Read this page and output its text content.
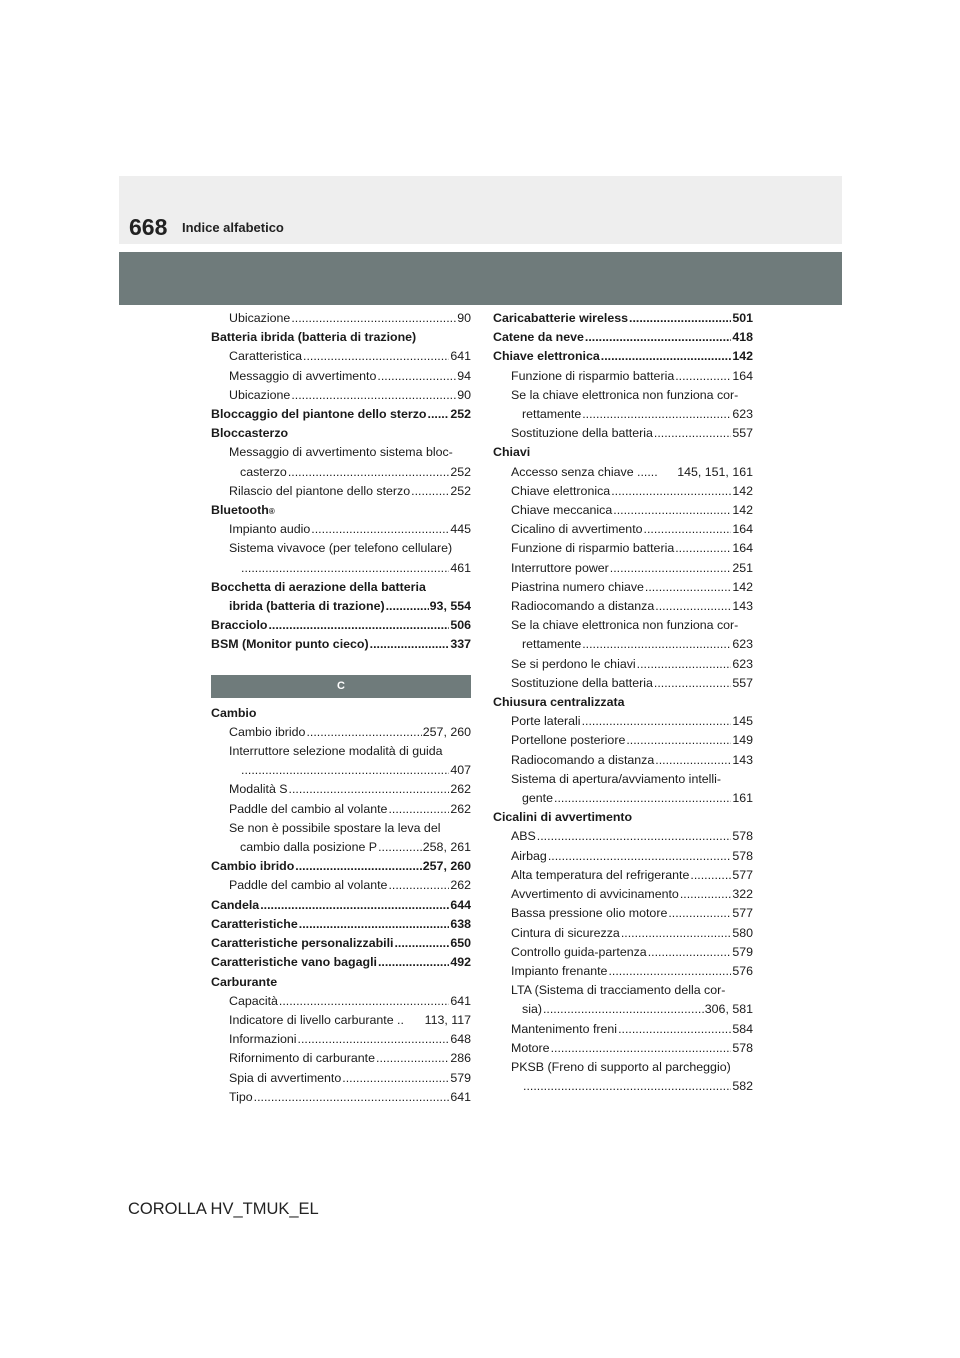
668 Indice alfabetico
Ubicazione .....	90
Batteria ibrida (batteria di trazione)
Caratteristica .....	641
Messaggio di avvertimento .....	94
Ubicazione .....	90
Bloccaggio del piantone dello sterzo ..... 252
Bloccasterzo
Messaggio di avvertimento sistema bloc-
casterzo .....	252
Rilascio del piantone dello sterzo .....	252
Bluetooth ®
Impianto audio .....	445
Sistema vivavoce (per telefono cellulare)
.....
461
Bocchetta di aerazione della batteria
ibrida (batteria di trazione) .....	93, 554
Bracciolo .....	506
BSM (Monitor punto cieco) .....	337
C
Cambio
Cambio ibrido .....	257, 260
Interruttore selezione modalità di guida
.....
407
Modalità S .....	262
Paddle del cambio al volante .....	262
Se non è possibile spostare la leva del
cambio dalla posizione P .....	258, 261
Cambio ibrido .....	257, 260
Paddle del cambio al volante .....	262
Candela .....	644
Caratteristiche .....	638
Caratteristiche personalizzabili .....	650
Caratteristiche vano bagagli .....	492
Carburante
Capacità .....	641
Indicatore di livello carburante .. 113, 117
Informazioni .....	648
Rifornimento di carburante .....	286
Spia di avvertimento .....	579
Tipo .....	641
Caricabatterie wireless .....	501
Catene da neve .....	418
Chiave elettronica .....	142
Funzione di risparmio batteria .....	164
Se la chiave elettronica non funziona cor-
rettamente .....	623
Sostituzione della batteria .....	557
Chiavi
Accesso senza chiave ...... 145, 151, 161
Chiave elettronica .....	142
Chiave meccanica .....	142
Cicalino di avvertimento .....	164
Funzione di risparmio batteria .....	164
Interruttore power .....	251
Piastrina numero chiave .....	142
Radiocomando a distanza .....	143
Se la chiave elettronica non funziona cor-
rettamente .....	623
Se si perdono le chiavi .....	623
Sostituzione della batteria .....	557
Chiusura centralizzata
Porte laterali .....	145
Portellone posteriore .....	149
Radiocomando a distanza .....	143
Sistema di apertura/avviamento intelli-
gente .....	161
Cicalini di avvertimento
ABS .....	578
Airbag .....	578
Alta temperatura del refrigerante .....	577
Avvertimento di avvicinamento .....	322
Bassa pressione olio motore .....	577
Cintura di sicurezza .....	580
Controllo guida-partenza .....	579
Impianto frenante .....	576
LTA (Sistema di tracciamento della cor-
sia) .....	306, 581
Mantenimento freni .....	584
Motore .....	578
PKSB (Freno di supporto al parcheggio)
.....
582
COROLLA HV_TMUK_EL
